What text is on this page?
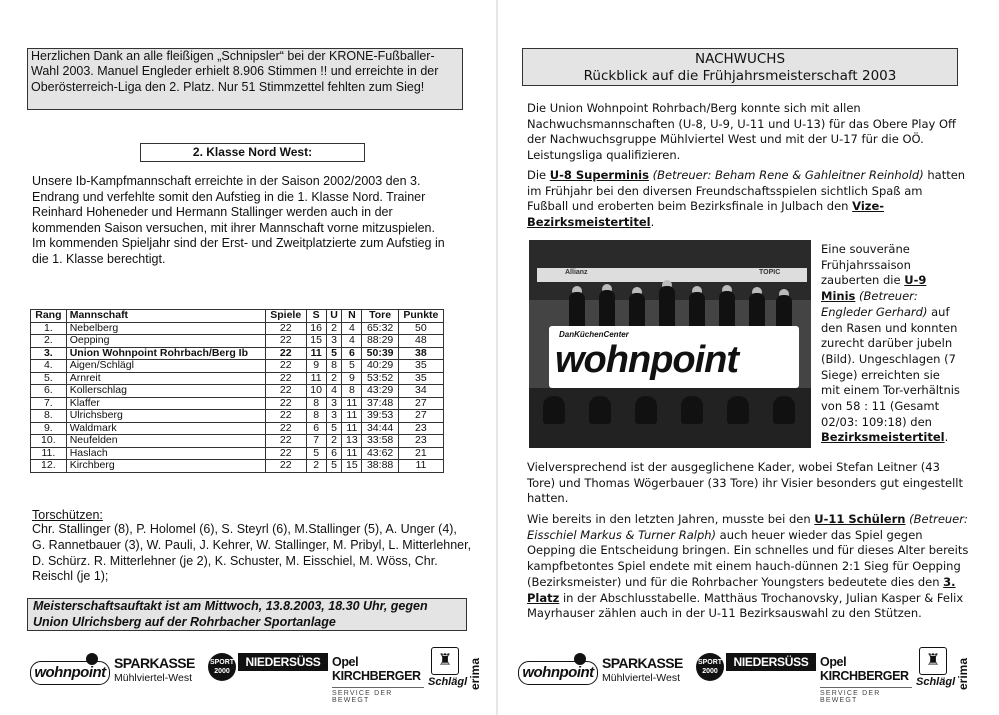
Herzlichen Dank an alle fleißigen „Schnipsler“ bei der KRONE-Fußballer-Wahl 2003. Manuel Engleder erhielt 8.906 Stimmen !! und erreichte in der Oberösterreich-Liga den 2. Platz. Nur 51 Stimmzettel fehlten zum Sieg!
2. Klasse Nord West:
Unsere Ib-Kampfmannschaft erreichte in der Saison 2002/2003 den 3. Endrang und verfehlte somit den Aufstieg in die 1. Klasse Nord. Trainer Reinhard Hoheneder und Hermann Stallinger werden auch in der kommenden Saison versuchen, mit ihrer Mannschaft vorne mitzuspielen.
Im kommenden Spieljahr sind der Erst- und Zweitplatzierte zum Aufstieg in die 1. Klasse berechtigt.
Rang	Mannschaft	Spiele	S	U	N	Tore	Punkte
1.	Nebelberg	22	16	2	4	65:32	50
2.	Oepping	22	15	3	4	88:29	48
3.	Union Wohnpoint Rohrbach/Berg Ib	22	11	5	6	50:39	38
4.	Aigen/Schlägl	22	9	8	5	40:29	35
5.	Arnreit	22	11	2	9	53:52	35
6.	Kollerschlag	22	10	4	8	43:29	34
7.	Klaffer	22	8	3	11	37:48	27
8.	Ulrichsberg	22	8	3	11	39:53	27
9.	Waldmark	22	6	5	11	34:44	23
10.	Neufelden	22	7	2	13	33:58	23
11.	Haslach	22	5	6	11	43:62	21
12.	Kirchberg	22	2	5	15	38:88	11
Torschützen:
Chr. Stallinger (8), P. Holomel (6), S. Steyrl (6), M.Stallinger (5), A. Unger (4), G. Rannetbauer (3), W. Pauli, J. Kehrer, W. Stallinger, M. Pribyl, L. Mitterlehner, D. Schürz. R. Mitterlehner (je 2), K. Schuster, M. Eisschiel, M. Wöss, Chr. Reischl (je 1);
Meisterschaftsauftakt ist am Mittwoch, 13.8.2003, 18.30 Uhr, gegen Union Ulrichsberg auf der Rohrbacher Sportanlage
wohnpoint
SPARKASSE
Mühlviertel-West
SPORT 2000
NIEDERSÜSS Opel KIRCHBERGER
SERVICE DER BEWEGT
♜
Schlägl erima
NACHWUCHS
Rückblick auf die Frühjahrsmeisterschaft 2003
Die Union Wohnpoint Rohrbach/Berg konnte sich mit allen Nachwuchsmannschaften (U-8, U-9, U-11 und U-13) für das Obere Play Off der Nachwuchsgruppe Mühlviertel West und mit der U-17 für die OÖ. Leistungsliga qualifizieren.
Die U-8 Superminis (Betreuer: Beham Rene & Gahleitner Reinhold) hatten im Frühjahr bei den diversen Freundschaftsspielen sichtlich Spaß am Fußball und eroberten beim Bezirksfinale in Julbach den Vize-Bezirksmeistertitel.
Allianz	TOPIC
DanKüchenCenter
wohnpoint
Eine souveräne Frühjahrssaison zauberten die U-9 Minis (Betreuer: Engleder Gerhard) auf den Rasen und konnten zurecht darüber jubeln (Bild). Ungeschlagen (7 Siege) erreichten sie mit einem Tor-verhältnis von 58 : 11 (Gesamt 02/03: 109:18) den Bezirksmeistertitel.
Vielversprechend ist der ausgeglichene Kader, wobei Stefan Leitner (43 Tore) und Thomas Wögerbauer (33 Tore) ihr Visier besonders gut eingestellt hatten.
Wie bereits in den letzten Jahren, musste bei den U-11 Schülern (Betreuer: Eisschiel Markus & Turner Ralph) auch heuer wieder das Spiel gegen Oepping die Entscheidung bringen. Ein schnelles und für dieses Alter bereits kampfbetontes Spiel endete mit einem hauch-dünnen 2:1 Sieg für Oepping (Bezirksmeister) und für die Rohrbacher Youngsters bedeutete dies den 3. Platz in der Abschlusstabelle. Matthäus Trochanovsky, Julian Kasper & Felix Mayrhauser zählen auch in der U-11 Bezirksauswahl zu den Stützen.
wohnpoint
SPARKASSE
Mühlviertel-West
SPORT 2000
NIEDERSÜSS Opel KIRCHBERGER
SERVICE DER BEWEGT
♜
Schlägl erima
